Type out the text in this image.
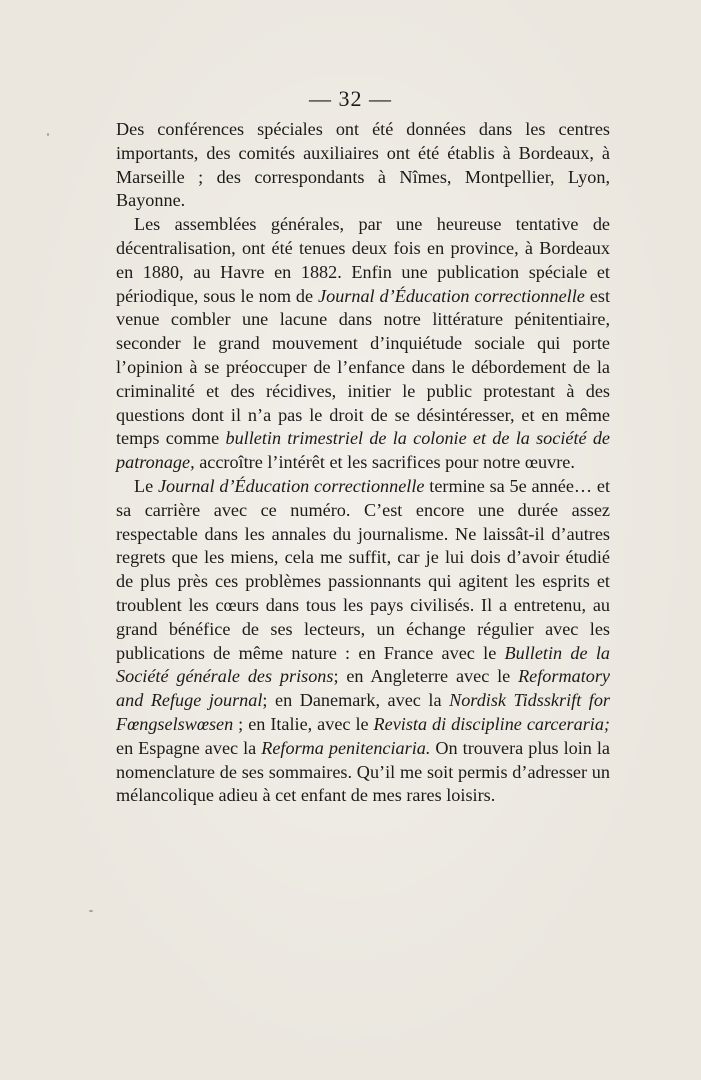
— 32 —

Des conférences spéciales ont été données dans les centres importants, des comités auxiliaires ont été établis à Bordeaux, à Marseille ; des correspondants à Nîmes, Montpellier, Lyon, Bayonne.

Les assemblées générales, par une heureuse tentative de décentralisation, ont été tenues deux fois en province, à Bordeaux en 1880, au Havre en 1882. Enfin une publication spéciale et périodique, sous le nom de Journal d’Éducation correctionnelle est venue combler une lacune dans notre littérature pénitentiaire, seconder le grand mouvement d’inquiétude sociale qui porte l’opinion à se préoccuper de l’enfance dans le débordement de la criminalité et des récidives, initier le public protestant à des questions dont il n’a pas le droit de se désintéresser, et en même temps comme bulletin trimestriel de la colonie et de la société de patronage, accroître l’intérêt et les sacrifices pour notre œuvre.

Le Journal d’Éducation correctionnelle termine sa 5e année… et sa carrière avec ce numéro. C’est encore une durée assez respectable dans les annales du journalisme. Ne laissât-il d’autres regrets que les miens, cela me suffit, car je lui dois d’avoir étudié de plus près ces problèmes passionnants qui agitent les esprits et troublent les cœurs dans tous les pays civilisés. Il a entretenu, au grand bénéfice de ses lecteurs, un échange régulier avec les publications de même nature : en France avec le Bulletin de la Société générale des prisons; en Angleterre avec le Reformatory and Refuge journal; en Danemark, avec la Nordisk Tidsskrift for Fœngselswœsen ; en Italie, avec le Revista di discipline carceraria; en Espagne avec la Reforma penitenciaria. On trouvera plus loin la nomenclature de ses sommaires. Qu’il me soit permis d’adresser un mélancolique adieu à cet enfant de mes rares loisirs.
